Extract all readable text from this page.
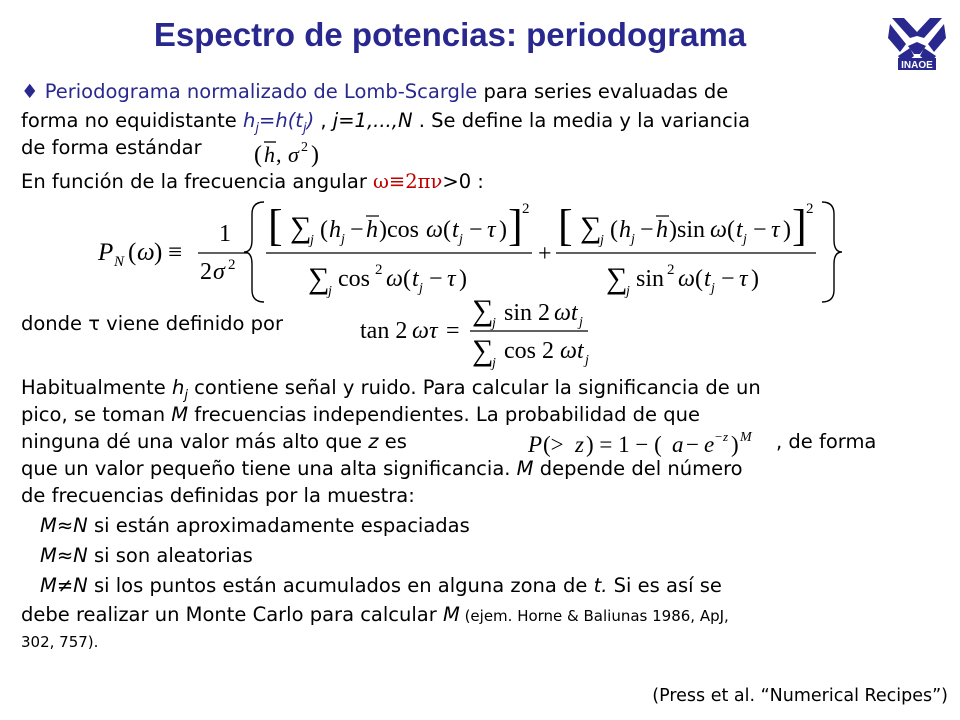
Espectro de potencias: periodograma
INAOE
♦ Periodograma normalizado de Lomb-Scargle para series evaluadas de
forma no equidistante $h_j=h(t_j)$ , j=1,...,N . Se define la media y la variancia
de forma estándar ( h , σ 2 )
En función de la frecuencia angular ω≡2πν>0 :
P N ( ω ) ≡
1
2 σ 2
[ ∑
j ( h j − h )cos ω ( t j − τ ) ] 2
∑
j cos 2 ω ( t j − τ )
+
[ ∑
j ( h j − h )sin ω ( t j − τ ) ] 2
∑
j sin 2 ω ( t j − τ )
donde τ viene definido por	tan 2 ωτ =
∑
j sin 2 ωt j
∑
j cos 2 ωt j
Habitualmente $h_j$ contiene señal y ruido. Para calcular la significancia de un
pico, se toman M frecuencias independientes. La probabilidad de que
ninguna dé una valor más alto que z es	P (> z ) = 1 − ( a − e − z ) M , de forma
que un valor pequeño tiene una alta significancia. M depende del número
de frecuencias definidas por la muestra:
M≈N si están aproximadamente espaciadas
M≈N si son aleatorias
M≠N si los puntos están acumulados en alguna zona de t. Si es así se
debe realizar un Monte Carlo para calcular M (ejem. Horne & Baliunas 1986, ApJ,
302, 757).
(Press et al. “Numerical Recipes”)
